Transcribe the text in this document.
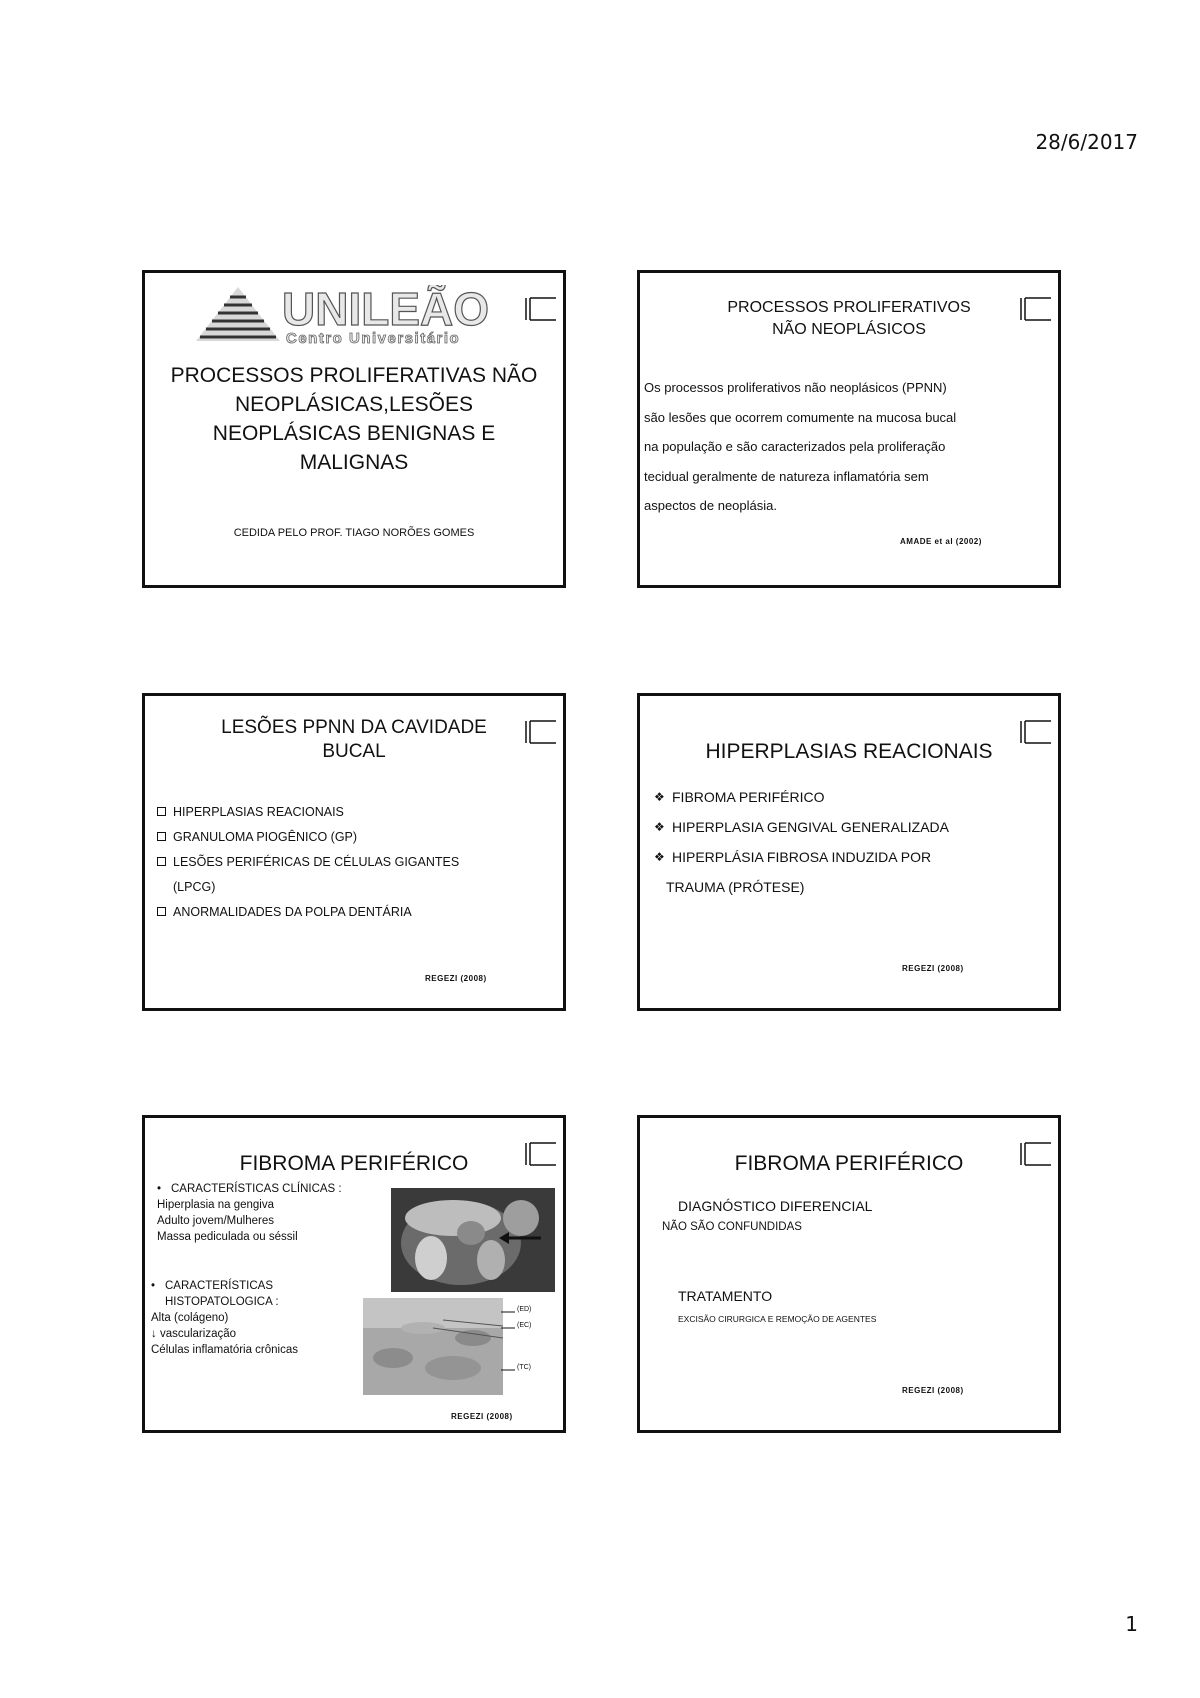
28/6/2017
1
UNILEÃO
Centro Universitário
PROCESSOS PROLIFERATIVAS NÃO NEOPLÁSICAS,LESÕES NEOPLÁSICAS BENIGNAS E MALIGNAS
CEDIDA PELO PROF. TIAGO NORÕES GOMES
PROCESSOS PROLIFERATIVOS
NÃO NEOPLÁSICOS
Os processos proliferativos não neoplásicos (PPNN)
são lesões que ocorrem comumente na mucosa bucal
na população e são caracterizados pela proliferação
tecidual geralmente de natureza inflamatória sem
aspectos de neoplásia.
AMADE et al (2002)
LESÕES PPNN DA CAVIDADE
BUCAL
HIPERPLASIAS REACIONAIS
GRANULOMA PIOGÊNICO (GP)
LESÕES PERIFÉRICAS DE CÉLULAS GIGANTES
(LPCG)
ANORMALIDADES DA POLPA DENTÁRIA
REGEZI (2008)
HIPERPLASIAS REACIONAIS
❖ FIBROMA PERIFÉRICO
❖ HIPERPLASIA GENGIVAL GENERALIZADA
❖ HIPERPLÁSIA FIBROSA INDUZIDA POR
TRAUMA (PRÓTESE)
REGEZI (2008)
FIBROMA PERIFÉRICO
• CARACTERÍSTICAS CLÍNICAS :
Hiperplasia na gengiva
Adulto jovem/Mulheres
Massa pediculada ou séssil
• CARACTERÍSTICAS
HISTOPATOLOGICA :
Alta (colágeno)
↓ vascularização
Células inflamatória crônicas
(ED)
(EC)
(TC)
REGEZI (2008)
FIBROMA PERIFÉRICO
DIAGNÓSTICO DIFERENCIAL
NÃO SÃO CONFUNDIDAS
TRATAMENTO
EXCISÃO CIRURGICA E REMOÇÃO DE AGENTES
REGEZI (2008)
